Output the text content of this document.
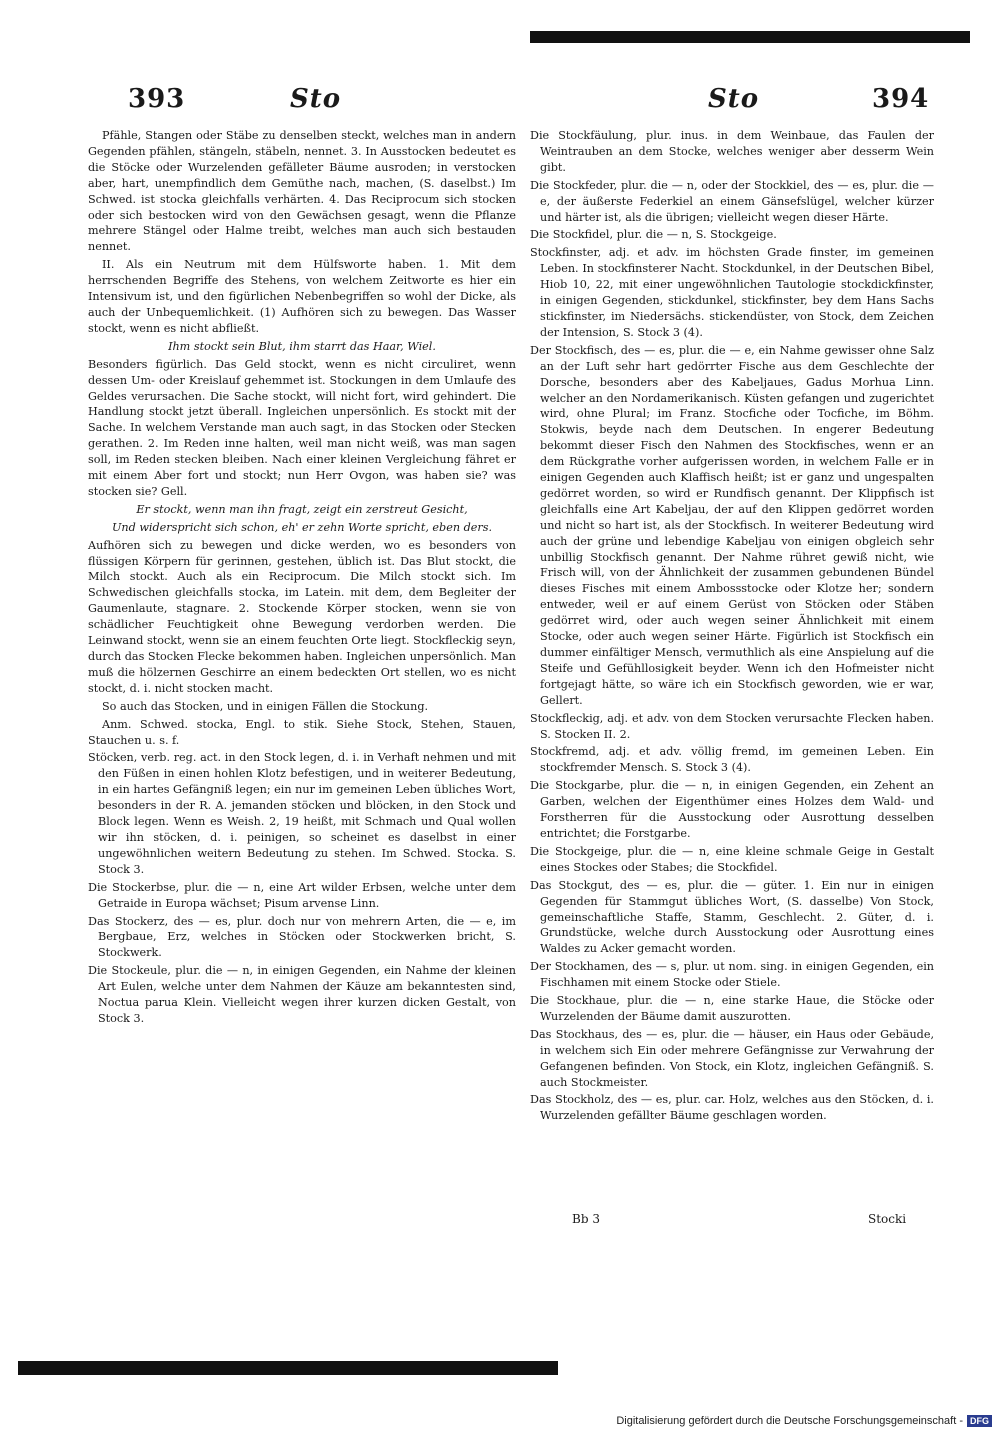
393	Sto	Sto	394

Pfähle, Stangen oder Stäbe zu denselben steckt, welches man in andern Gegenden pfählen, stängeln, stäbeln, nennet. 3. In Ausstocken bedeutet es die Stöcke oder Wurzelenden gefälleter Bäume ausroden; in verstocken aber, hart, unempfindlich dem Gemüthe nach, machen, (S. daselbst.) Im Schwed. ist stocka gleichfalls verhärten. 4. Das Reciprocum sich stocken oder sich bestocken wird von den Gewächsen gesagt, wenn die Pflanze mehrere Stängel oder Halme treibt, welches man auch sich bestauden nennet.

II. Als ein Neutrum mit dem Hülfsworte haben. 1. Mit dem herrschenden Begriffe des Stehens, von welchem Zeitworte es hier ein Intensivum ist, und den figürlichen Nebenbegriffen so wohl der Dicke, als auch der Unbequemlichkeit. (1) Aufhören sich zu bewegen. Das Wasser stockt, wenn es nicht abfließt.

Ihm stockt sein Blut, ihm starrt das Haar, Wiel.

Besonders figürlich. Das Geld stockt, wenn es nicht circuliret, wenn dessen Um- oder Kreislauf gehemmet ist. Stockungen in dem Umlaufe des Geldes verursachen. Die Sache stockt, will nicht fort, wird gehindert. Die Handlung stockt jetzt überall. Ingleichen unpersönlich. Es stockt mit der Sache. In welchem Verstande man auch sagt, in das Stocken oder Stecken gerathen. 2. Im Reden inne halten, weil man nicht weiß, was man sagen soll, im Reden stecken bleiben. Nach einer kleinen Vergleichung fähret er mit einem Aber fort und stockt; nun Herr Ovgon, was haben sie? was stocken sie? Gell.

Er stockt, wenn man ihn fragt, zeigt ein zerstreut Gesicht,

Und widerspricht sich schon, eh' er zehn Worte spricht, eben ders.

Aufhören sich zu bewegen und dicke werden, wo es besonders von flüssigen Körpern für gerinnen, gestehen, üblich ist. Das Blut stockt, die Milch stockt. Auch als ein Reciprocum. Die Milch stockt sich. Im Schwedischen gleichfalls stocka, im Latein. mit dem, dem Begleiter der Gaumenlaute, stagnare. 2. Stockende Körper stocken, wenn sie von schädlicher Feuchtigkeit ohne Bewegung verdorben werden. Die Leinwand stockt, wenn sie an einem feuchten Orte liegt. Stockfleckig seyn, durch das Stocken Flecke bekommen haben. Ingleichen unpersönlich. Man muß die hölzernen Geschirre an einem bedeckten Ort stellen, wo es nicht stockt, d. i. nicht stocken macht.

So auch das Stocken, und in einigen Fällen die Stockung.

Anm. Schwed. stocka, Engl. to stik. Siehe Stock, Stehen, Stauen, Stauchen u. s. f.

Stöcken, verb. reg. act. in den Stock legen, d. i. in Verhaft nehmen und mit den Füßen in einen hohlen Klotz befestigen, und in weiterer Bedeutung, in ein hartes Gefängniß legen; ein nur im gemeinen Leben übliches Wort, besonders in der R. A. jemanden stöcken und blöcken, in den Stock und Block legen. Wenn es Weish. 2, 19 heißt, mit Schmach und Qual wollen wir ihn stöcken, d. i. peinigen, so scheinet es daselbst in einer ungewöhnlichen weitern Bedeutung zu stehen. Im Schwed. Stocka. S. Stock 3.

Die Stockerbse, plur. die — n, eine Art wilder Erbsen, welche unter dem Getraide in Europa wächset; Pisum arvense Linn.

Das Stockerz, des — es, plur. doch nur von mehrern Arten, die — e, im Bergbaue, Erz, welches in Stöcken oder Stockwerken bricht, S. Stockwerk.

Die Stockeule, plur. die — n, in einigen Gegenden, ein Nahme der kleinen Art Eulen, welche unter dem Nahmen der Käuze am bekanntesten sind, Noctua parua Klein. Vielleicht wegen ihrer kurzen dicken Gestalt, von Stock 3.

Die Stockfäulung, plur. inus. in dem Weinbaue, das Faulen der Weintrauben an dem Stocke, welches weniger aber desserm Wein gibt.

Die Stockfeder, plur. die — n, oder der Stockkiel, des — es, plur. die — e, der äußerste Federkiel an einem Gänsefslügel, welcher kürzer und härter ist, als die übrigen; vielleicht wegen dieser Härte.

Die Stockfidel, plur. die — n, S. Stockgeige.

Stockfinster, adj. et adv. im höchsten Grade finster, im gemeinen Leben. In stockfinsterer Nacht. Stockdunkel, in der Deutschen Bibel, Hiob 10, 22, mit einer ungewöhnlichen Tautologie stockdickfinster, in einigen Gegenden, stickdunkel, stickfinster, bey dem Hans Sachs stickfinster, im Niedersächs. stickendüster, von Stock, dem Zeichen der Intension, S. Stock 3 (4).

Der Stockfisch, des — es, plur. die — e, ein Nahme gewisser ohne Salz an der Luft sehr hart gedörrter Fische aus dem Geschlechte der Dorsche, besonders aber des Kabeljaues, Gadus Morhua Linn. welcher an den Nordamerikanisch. Küsten gefangen und zugerichtet wird, ohne Plural; im Franz. Stocfiche oder Tocfiche, im Böhm. Stokwis, beyde nach dem Deutschen. In engerer Bedeutung bekommt dieser Fisch den Nahmen des Stockfisches, wenn er an dem Rückgrathe vorher aufgerissen worden, in welchem Falle er in einigen Gegenden auch Klaffisch heißt; ist er ganz und ungespalten gedörret worden, so wird er Rundfisch genannt. Der Klippfisch ist gleichfalls eine Art Kabeljau, der auf den Klippen gedörret worden und nicht so hart ist, als der Stockfisch. In weiterer Bedeutung wird auch der grüne und lebendige Kabeljau von einigen obgleich sehr unbillig Stockfisch genannt. Der Nahme rühret gewiß nicht, wie Frisch will, von der Ähnlichkeit der zusammen gebundenen Bündel dieses Fisches mit einem Ambossstocke oder Klotze her; sondern entweder, weil er auf einem Gerüst von Stöcken oder Stäben gedörret wird, oder auch wegen seiner Ähnlichkeit mit einem Stocke, oder auch wegen seiner Härte. Figürlich ist Stockfisch ein dummer einfältiger Mensch, vermuthlich als eine Anspielung auf die Steife und Gefühllosigkeit beyder. Wenn ich den Hofmeister nicht fortgejagt hätte, so wäre ich ein Stockfisch geworden, wie er war, Gellert.

Stockfleckig, adj. et adv. von dem Stocken verursachte Flecken haben. S. Stocken II. 2.

Stockfremd, adj. et adv. völlig fremd, im gemeinen Leben. Ein stockfremder Mensch. S. Stock 3 (4).

Die Stockgarbe, plur. die — n, in einigen Gegenden, ein Zehent an Garben, welchen der Eigenthümer eines Holzes dem Wald- und Forstherren für die Ausstockung oder Ausrottung desselben entrichtet; die Forstgarbe.

Die Stockgeige, plur. die — n, eine kleine schmale Geige in Gestalt eines Stockes oder Stabes; die Stockfidel.

Das Stockgut, des — es, plur. die — güter. 1. Ein nur in einigen Gegenden für Stammgut übliches Wort, (S. dasselbe) Von Stock, gemeinschaftliche Staffe, Stamm, Geschlecht. 2. Güter, d. i. Grundstücke, welche durch Ausstockung oder Ausrottung eines Waldes zu Acker gemacht worden.

Der Stockhamen, des — s, plur. ut nom. sing. in einigen Gegenden, ein Fischhamen mit einem Stocke oder Stiele.

Die Stockhaue, plur. die — n, eine starke Haue, die Stöcke oder Wurzelenden der Bäume damit auszurotten.

Das Stockhaus, des — es, plur. die — häuser, ein Haus oder Gebäude, in welchem sich Ein oder mehrere Gefängnisse zur Verwahrung der Gefangenen befinden. Von Stock, ein Klotz, ingleichen Gefängniß. S. auch Stockmeister.

Das Stockholz, des — es, plur. car. Holz, welches aus den Stöcken, d. i. Wurzelenden gefällter Bäume geschlagen worden.

Bb 3	Stocki
Digitalisierung gefördert durch die Deutsche Forschungsgemeinschaft - DFG
